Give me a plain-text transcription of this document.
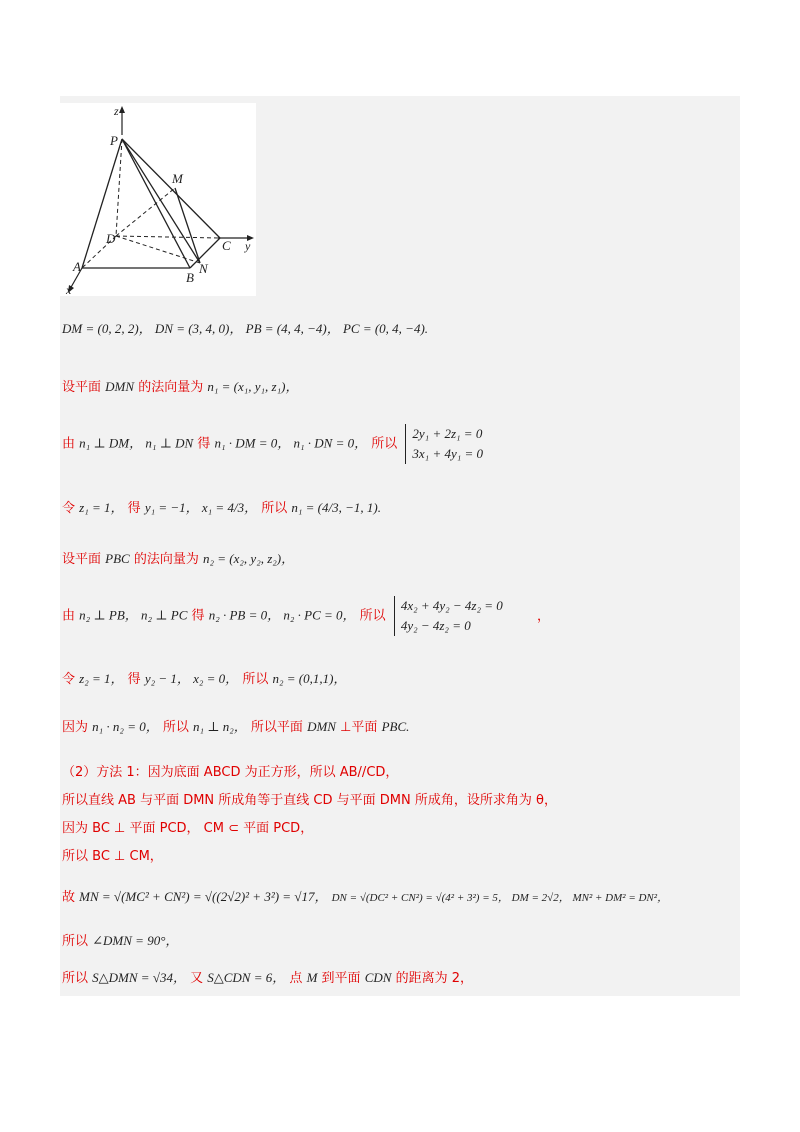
z
P
M
D	C y
A
B
N
x
DM = (0, 2, 2)， DN = (3, 4, 0)， PB = (4, 4, −4)， PC = (0, 4, −4).
设平面 DMN 的法向量为 n₁ = (x₁, y₁, z₁)，
由 n₁ ⊥ DM， n₁ ⊥ DN 得 n₁ · DM = 0， n₁ · DN = 0， 所以
2y₁ + 2z₁ = 0
3x₁ + 4y₁ = 0
令 z₁ = 1， 得 y₁ = −1， x₁ = 4/3， 所以 n₁ = (4/3, −1, 1).
设平面 PBC 的法向量为 n₂ = (x₂, y₂, z₂)，
由 n₂ ⊥ PB， n₂ ⊥ PC 得 n₂ · PB = 0， n₂ · PC = 0， 所以
4x₂ + 4y₂ − 4z₂ = 0
4y₂ − 4z₂ = 0
，
令 z₂ = 1， 得 y₂ − 1， x₂ = 0， 所以 n₂ = (0,1,1)，
因为 n₁ · n₂ = 0， 所以 n₁ ⊥ n₂， 所以平面 DMN ⊥平面 PBC.
（2）方法 1：因为底面 ABCD 为正方形，所以 AB//CD，
所以直线 AB 与平面 DMN 所成角等于直线 CD 与平面 DMN 所成角，设所求角为 θ，
因为 BC ⊥ 平面 PCD， CM ⊂ 平面 PCD，
所以 BC ⊥ CM，
故 MN = √(MC² + CN²) = √((2√2)² + 3²) = √17， DN = √(DC² + CN²) = √(4² + 3²) = 5， DM = 2√2， MN² + DM² = DN²，
所以 ∠DMN = 90°，
所以 S△DMN = √34， 又 S△CDN = 6， 点 M 到平面 CDN 的距离为 2，
